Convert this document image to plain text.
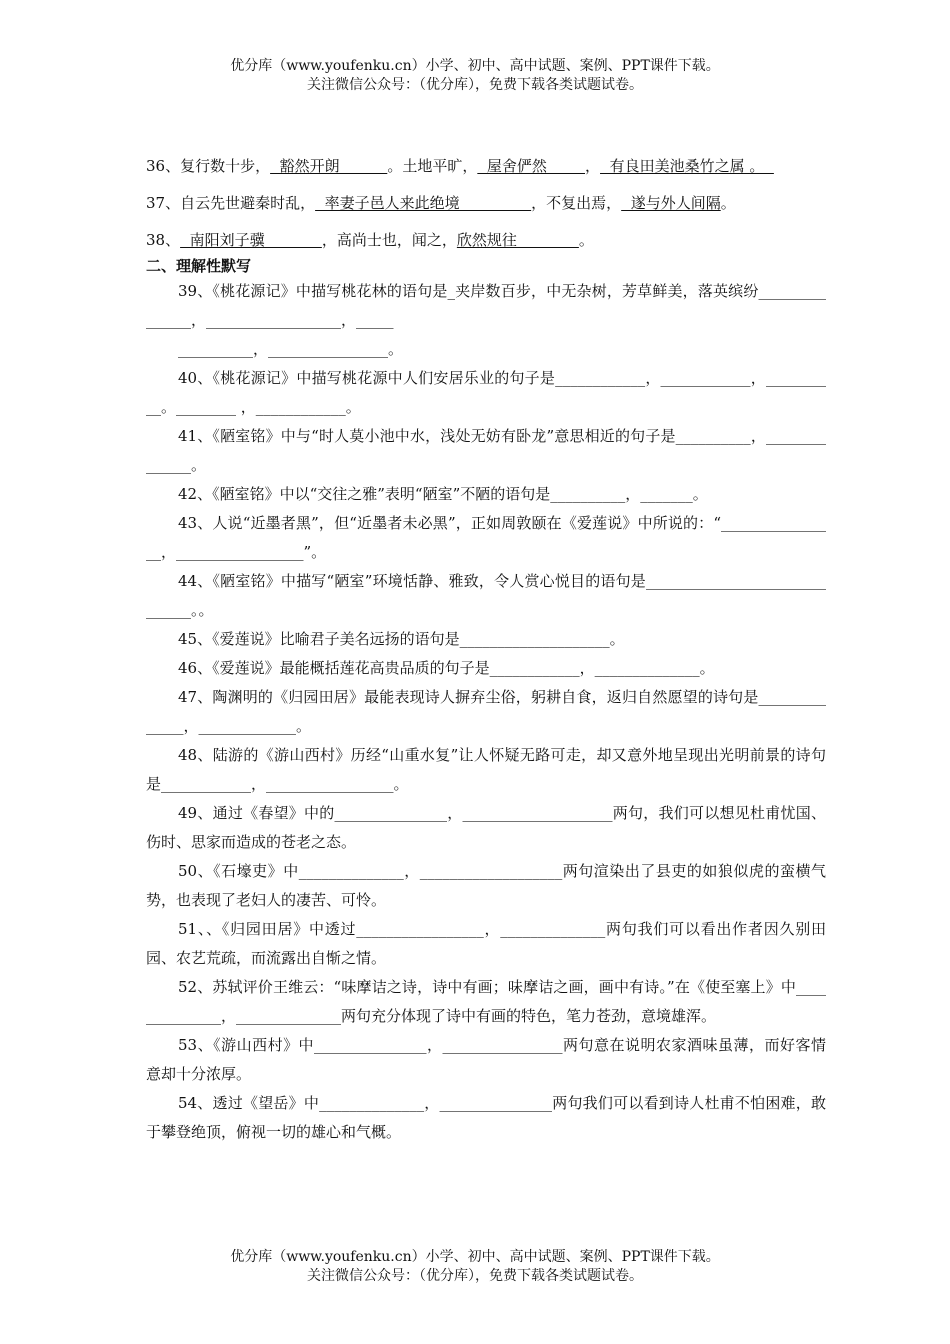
优分库（www.youfenku.cn）小学、初中、高中试题、案例、PPT课件下载。
关注微信公众号：（优分库），免费下载各类试题试卷。
36、复行数十步，  豁然开朗          。土地平旷，  屋舍俨然        ，  有良田美池桑竹之属 。
37、自云先世避秦时乱，  率妻子邑人来此绝境               ，不复出焉，  遂与外人间隔。
38、  南阳刘子骥            ，高尚士也，闻之，欣然规往             。
二、理解性默写
39、《桃花源记》中描写桃花林的语句是_夹岸数百步，中无杂树，芳草鲜美，落英缤纷_______________，__________________，_____
__________，________________。
40、《桃花源记》中描写桃花源中人们安居乐业的句子是____________，____________，__________。________ ，____________。
41、《陋室铭》中与“时人莫小池中水，浅处无妨有卧龙”意思相近的句子是__________，______________。
42、《陋室铭》中以“交往之雅”表明“陋室”不陋的语句是__________，_______。
43、人说“近墨者黑”，但“近墨者未必黑”，正如周敦颐在《爱莲说》中所说的：“________________，_________________”。
44、《陋室铭》中描写“陋室”环境恬静、雅致，令人赏心悦目的语句是______________________________。。
45、《爱莲说》比喻君子美名远扬的语句是____________________。
46、《爱莲说》最能概括莲花高贵品质的句子是____________，______________。
47、陶渊明的《归园田居》最能表现诗人摒弃尘俗，躬耕自食，返归自然愿望的诗句是______________，_____________。
48、陆游的《游山西村》历经“山重水复”让人怀疑无路可走，却又意外地呈现出光明前景的诗句是____________，_________________。
49、通过《春望》中的_______________，____________________两句，我们可以想见杜甫忧国、伤时、思家而造成的苍老之态。
50、《石壕吏》中______________，___________________两句渲染出了县吏的如狼似虎的蛮横气势，也表现了老妇人的凄苦、可怜。
51、、《归园田居》中透过_________________，______________两句我们可以看出作者因久别田园、农艺荒疏，而流露出自惭之情。
52、苏轼评价王维云：“味摩诘之诗，诗中有画；味摩诘之画，画中有诗。”在《使至塞上》中______________，______________两句充分体现了诗中有画的特色，笔力苍劲，意境雄浑。
53、《游山西村》中_______________，________________两句意在说明农家酒味虽薄，而好客情意却十分浓厚。
54、透过《望岳》中______________，_______________两句我们可以看到诗人杜甫不怕困难，敢于攀登绝顶，俯视一切的雄心和气概。
优分库（www.youfenku.cn）小学、初中、高中试题、案例、PPT课件下载。
关注微信公众号：（优分库），免费下载各类试题试卷。
